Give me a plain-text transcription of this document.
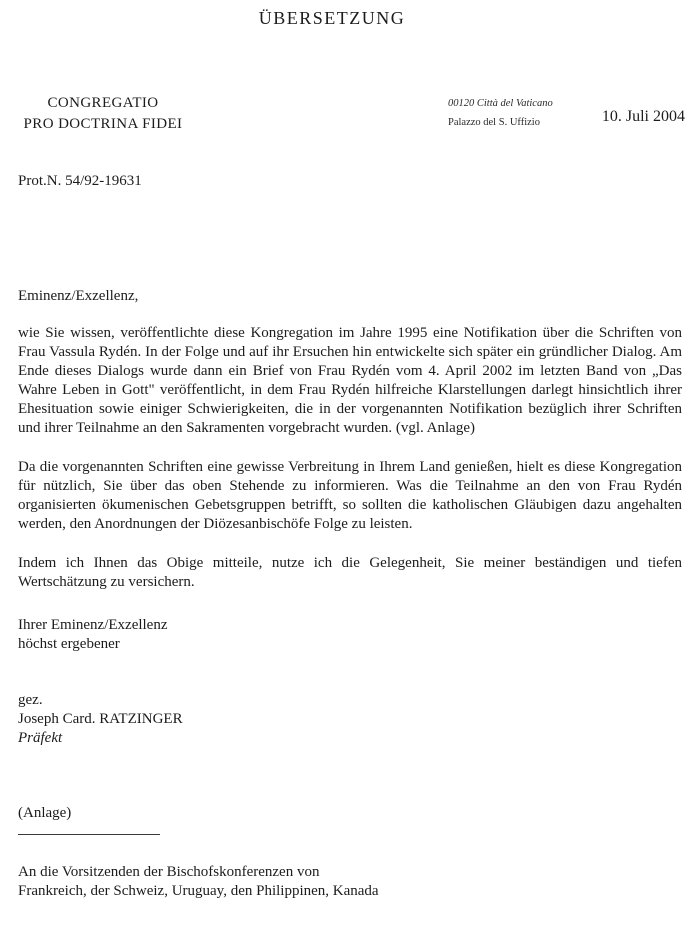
ÜBERSETZUNG
CONGREGATIO
PRO DOCTRINA FIDEI
00120 Città del Vaticano
Palazzo del S. Uffizio	10. Juli 2004
Prot.N. 54/92-19631
Eminenz/Exzellenz,

wie Sie wissen, veröffentlichte diese Kongregation im Jahre 1995 eine Notifikation über die Schriften von Frau Vassula Rydén. In der Folge und auf ihr Ersuchen hin entwickelte sich später ein gründlicher Dialog. Am Ende dieses Dialogs wurde dann ein Brief von Frau Rydén vom 4. April 2002 im letzten Band von „Das Wahre Leben in Gott" veröffentlicht, in dem Frau Rydén hilfreiche Klarstellungen darlegt hinsichtlich ihrer Ehesituation sowie einiger Schwierigkeiten, die in der vorgenannten Notifikation bezüglich ihrer Schriften und ihrer Teilnahme an den Sakramenten vorgebracht wurden. (vgl. Anlage)

Da die vorgenannten Schriften eine gewisse Verbreitung in Ihrem Land genießen, hielt es diese Kongregation für nützlich, Sie über das oben Stehende zu informieren. Was die Teilnahme an den von Frau Rydén organisierten ökumenischen Gebetsgruppen betrifft, so sollten die katholischen Gläubigen dazu angehalten werden, den Anordnungen der Diözesanbischöfe Folge zu leisten.

Indem ich Ihnen das Obige mitteile, nutze ich die Gelegenheit, Sie meiner beständigen und tiefen Wertschätzung zu versichern.

Ihrer Eminenz/Exzellenz
höchst ergebener
gez.
Joseph Card. RATZINGER
Präfekt
(Anlage)
An die Vorsitzenden der Bischofskonferenzen von
Frankreich, der Schweiz, Uruguay, den Philippinen, Kanada
